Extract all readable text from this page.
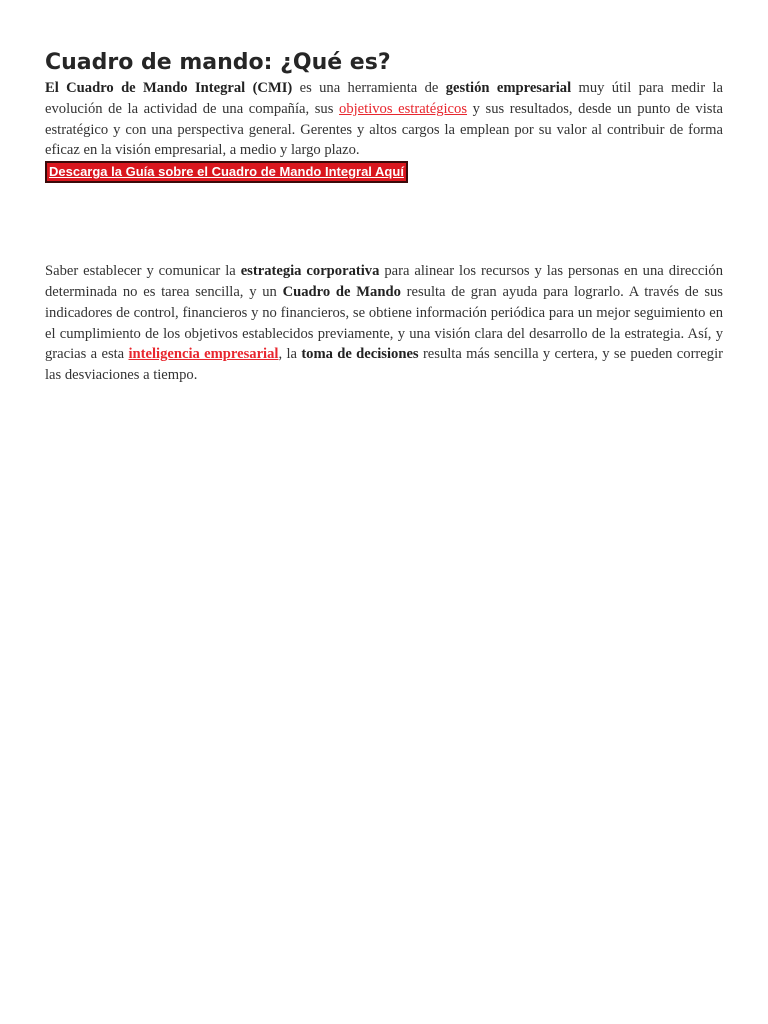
Cuadro de mando: ¿Qué es?

El Cuadro de Mando Integral (CMI) es una herramienta de gestión empresarial muy útil para medir la evolución de la actividad de una compañía, sus objetivos estratégicos y sus resultados, desde un punto de vista estratégico y con una perspectiva general. Gerentes y altos cargos la emplean por su valor al contribuir de forma eficaz en la visión empresarial, a medio y largo plazo.

Descarga la Guía sobre el Cuadro de Mando Integral Aquí

Saber establecer y comunicar la estrategia corporativa para alinear los recursos y las personas en una dirección determinada no es tarea sencilla, y un Cuadro de Mando resulta de gran ayuda para lograrlo. A través de sus indicadores de control, financieros y no financieros, se obtiene información periódica para un mejor seguimiento en el cumplimiento de los objetivos establecidos previamente, y una visión clara del desarrollo de la estrategia. Así, y gracias a esta inteligencia empresarial, la toma de decisiones resulta más sencilla y certera, y se pueden corregir las desviaciones a tiempo.
